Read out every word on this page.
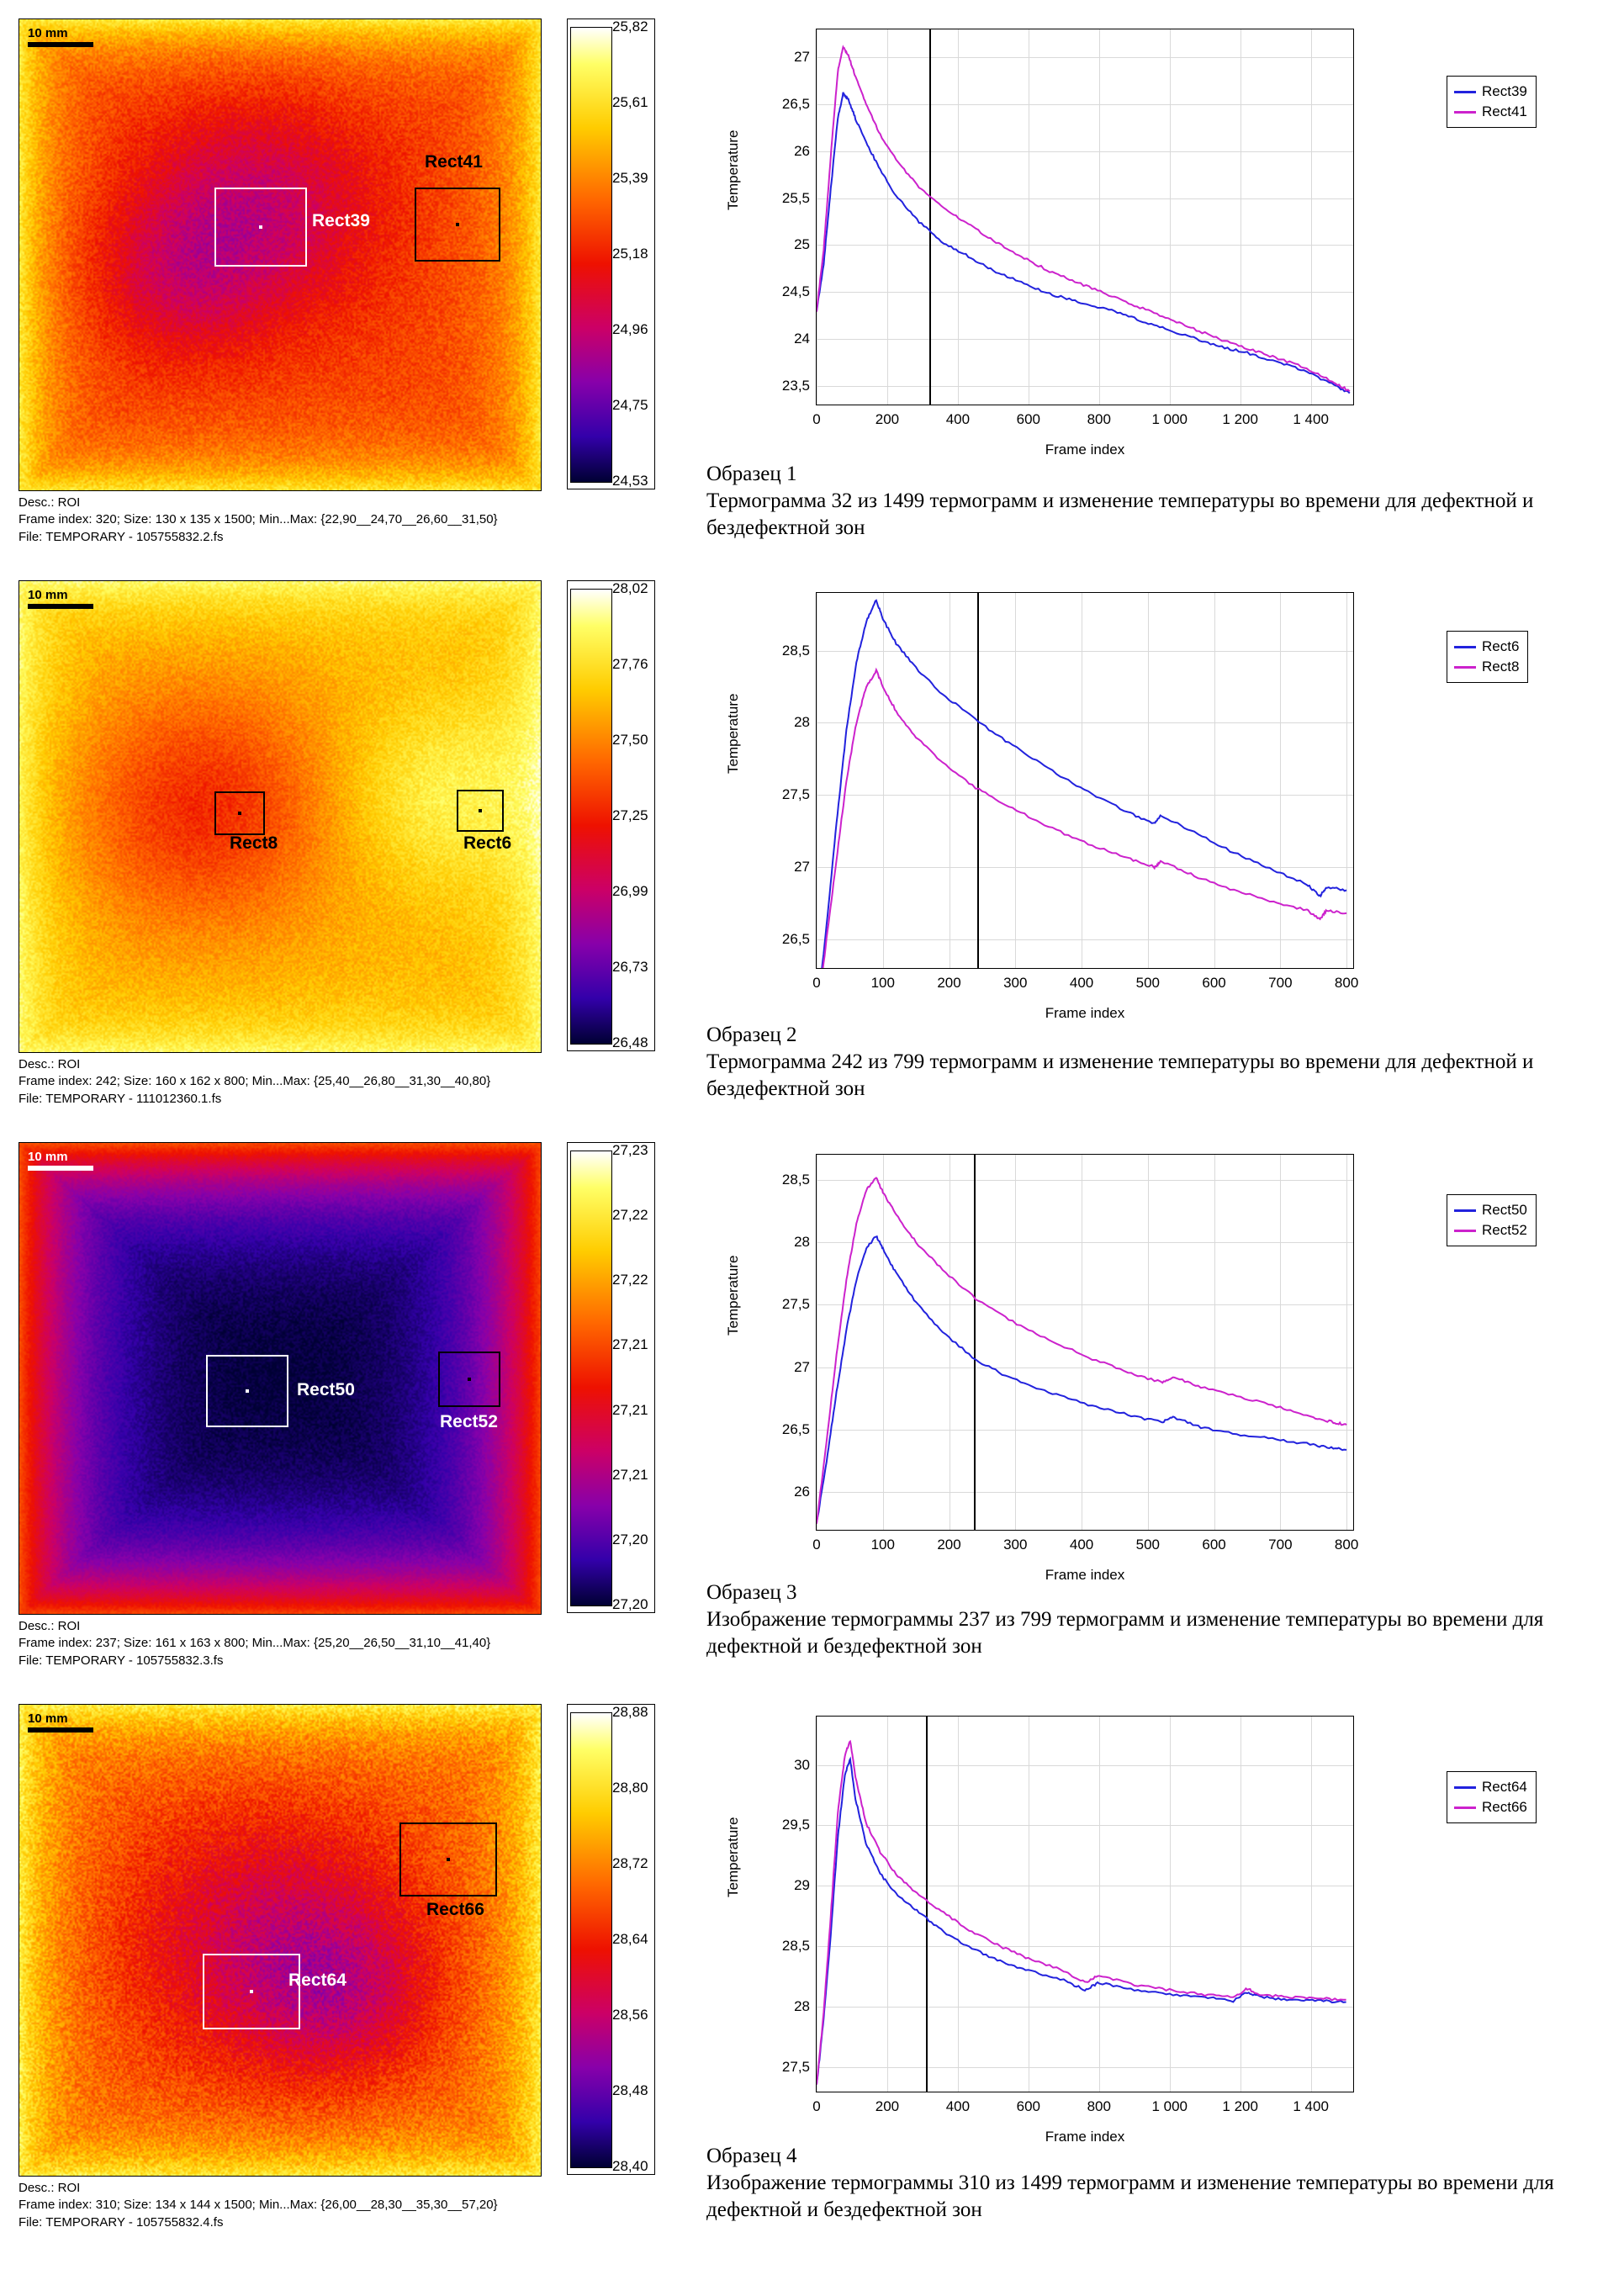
10 mm
Rect39
Rect41
25,82
25,61
25,39
25,18
24,96
24,75
24,53
Desc.: ROI
Frame index: 320; Size: 130 x 135 x 1500; Min...Max: {22,90__24,70__26,60__31,50}
File: TEMPORARY - 105755832.2.fs
10 mm
Rect8	Rect6
28,02
27,76
27,50
27,25
26,99
26,73
26,48
Desc.: ROI
Frame index: 242; Size: 160 x 162 x 800; Min...Max: {25,40__26,80__31,30__40,80}
File: TEMPORARY - 111012360.1.fs
10 mm
Rect50
Rect52
27,23
27,22
27,22
27,21
27,21
27,21
27,20
27,20
Desc.: ROI
Frame index: 237; Size: 161 x 163 x 800; Min...Max: {25,20__26,50__31,10__41,40}
File: TEMPORARY - 105755832.3.fs
10 mm
Rect64
Rect66
28,88
28,80
28,72
28,64
28,56
28,48
28,40
Desc.: ROI
Frame index: 310; Size: 134 x 144 x 1500; Min...Max: {26,00__28,30__35,30__57,20}
File: TEMPORARY - 105755832.4.fs
Temperature
0	200	400	600	800	1 000 1 200 1 400
23,5
24
24,5
25
25,5
26
26,5
27
Frame index
Rect39
Rect41
Образец 1
Термограмма 32 из 1499 термограмм и изменение температуры во времени для дефектной и бездефектной зон
Temperature
0	100	200	300	400	500	600	700	800
26,5
27
27,5
28
28,5
Frame index
Rect6
Rect8
Образец 2
Термограмма 242 из 799 термограмм и изменение температуры во времени для дефектной и бездефектной зон
Temperature
0	100	200	300	400	500	600	700	800
26
26,5
27
27,5
28
28,5
Frame index
Rect50
Rect52
Образец 3
Изображение термограммы 237 из 799 термограмм и изменение температуры во времени для дефектной и бездефектной зон
Temperature
0	200	400	600	800	1 000 1 200 1 400
27,5
28
28,5
29
29,5
30
Frame index
Rect64
Rect66
Образец 4
Изображение термограммы 310 из 1499 термограмм и изменение температуры во времени для дефектной и бездефектной зон
